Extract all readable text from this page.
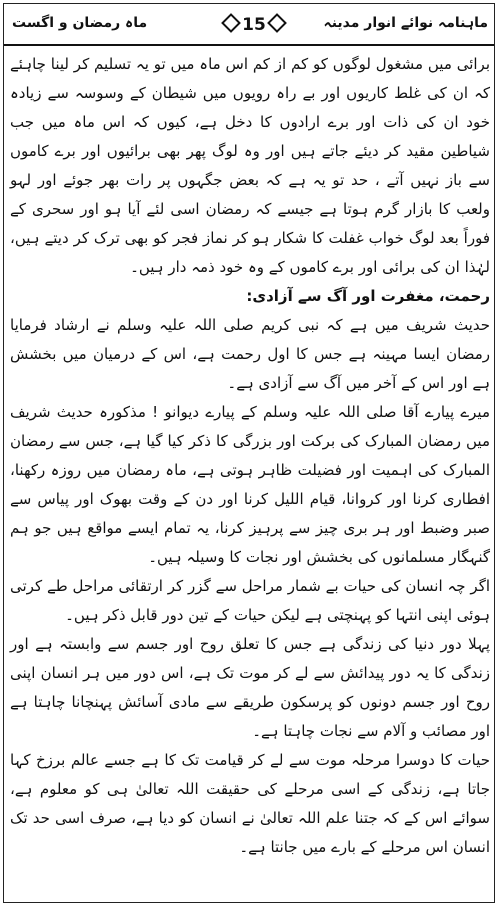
ماہنامہ نوائے انوار مدینہ
15
ماہ رمضان و اگست

برائی میں مشغول لوگوں کو کم از کم اس ماہ میں تو یہ تسلیم کر لینا چاہئے کہ ان کی غلط کاریوں اور بے راہ رویوں میں شیطان کے وسوسہ سے زیادہ خود ان کی ذات اور برے ارادوں کا دخل ہے، کیوں کہ اس ماہ میں جب شیاطین مقید کر دیئے جاتے ہیں اور وہ لوگ پھر بھی برائیوں اور برے کاموں سے باز نہیں آتے ، حد تو یہ ہے کہ بعض جگہوں پر رات بھر جوئے اور لہو ولعب کا بازار گرم ہوتا ہے جیسے کہ رمضان اسی لئے آیا ہو اور سحری کے فوراً بعد لوگ خواب غفلت کا شکار ہو کر نماز فجر کو بھی ترک کر دیتے ہیں، لہٰذا ان کی برائی اور برے کاموں کے وہ خود ذمہ دار ہیں۔

رحمت، مغفرت اور آگ سے آزادی:

حدیث شریف میں ہے کہ نبی کریم صلی اللہ علیہ وسلم نے ارشاد فرمایا رمضان ایسا مہینہ ہے جس کا اول رحمت ہے، اس کے درمیان میں بخشش ہے اور اس کے آخر میں آگ سے آزادی ہے۔

میرے پیارے آقا صلی اللہ علیہ وسلم کے پیارے دیوانو ! مذکورہ حدیث شریف میں رمضان المبارک کی برکت اور بزرگی کا ذکر کیا گیا ہے، جس سے رمضان المبارک کی اہمیت اور فضیلت ظاہر ہوتی ہے، ماہ رمضان میں روزہ رکھنا، افطاری کرنا اور کروانا، قیام اللیل کرنا اور دن کے وقت بھوک اور پیاس سے صبر وضبط اور ہر بری چیز سے پرہیز کرنا، یہ تمام ایسے مواقع ہیں جو ہم گنہگار مسلمانوں کی بخشش اور نجات کا وسیلہ ہیں۔

اگر چہ انسان کی حیات بے شمار مراحل سے گزر کر ارتقائی مراحل طے کرتی ہوئی اپنی انتہا کو پہنچتی ہے لیکن حیات کے تین دور قابل ذکر ہیں۔

پہلا دور دنیا کی زندگی ہے جس کا تعلق روح اور جسم سے وابستہ ہے اور زندگی کا یہ دور پیدائش سے لے کر موت تک ہے، اس دور میں ہر انسان اپنی روح اور جسم دونوں کو پرسکون طریقے سے مادی آسائش پہنچانا چاہتا ہے اور مصائب و آلام سے نجات چاہتا ہے۔

حیات کا دوسرا مرحلہ موت سے لے کر قیامت تک کا ہے جسے عالم برزخ کہا جاتا ہے، زندگی کے اسی مرحلے کی حقیقت اللہ تعالیٰ ہی کو معلوم ہے، سوائے اس کے کہ جتنا علم اللہ تعالیٰ نے انسان کو دیا ہے، صرف اسی حد تک انسان اس مرحلے کے بارے میں جانتا ہے۔
